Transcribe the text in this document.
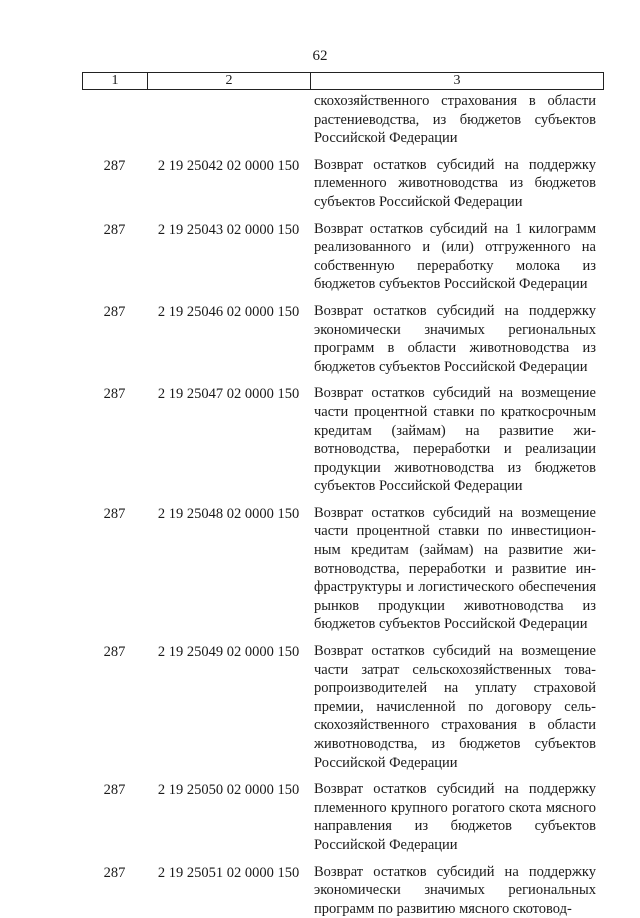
62
1	2	3
скохозяйственного страхования в области растениеводства, из бюджетов субъектов Российской Федерации
287	2 19 25042 02 0000 150	Возврат остатков субсидий на поддержку племенного животноводства из бюджетов субъектов Российской Федерации
287	2 19 25043 02 0000 150	Возврат остатков субсидий на 1 килограмм реализованного и (или) отгруженного на собственную переработку молока из бюджетов субъектов Российской Федерации
287	2 19 25046 02 0000 150	Возврат остатков субсидий на поддержку экономически значимых региональных программ в области животноводства из бюджетов субъектов Российской Федерации
287	2 19 25047 02 0000 150	Возврат остатков субсидий на возмещение части процентной ставки по краткосрочным кредитам (займам) на развитие животноводства, переработки и реализации продукции животноводства из бюджетов субъектов Российской Федерации
287	2 19 25048 02 0000 150	Возврат остатков субсидий на возмещение части процентной ставки по инвестиционным кредитам (займам) на развитие животноводства, переработки и развитие инфраструктуры и логистического обеспечения рынков продукции животноводства из бюджетов субъектов Российской Федерации
287	2 19 25049 02 0000 150	Возврат остатков субсидий на возмещение части затрат сельскохозяйственных товаропроизводителей на уплату страховой премии, начисленной по договору сельскохозяйственного страхования в области животноводства, из бюджетов субъектов Российской Федерации
287	2 19 25050 02 0000 150	Возврат остатков субсидий на поддержку племенного крупного рогатого скота мясного направления из бюджетов субъектов Российской Федерации
287	2 19 25051 02 0000 150	Возврат остатков субсидий на поддержку экономически значимых региональных программ по развитию мясного скотовод-
